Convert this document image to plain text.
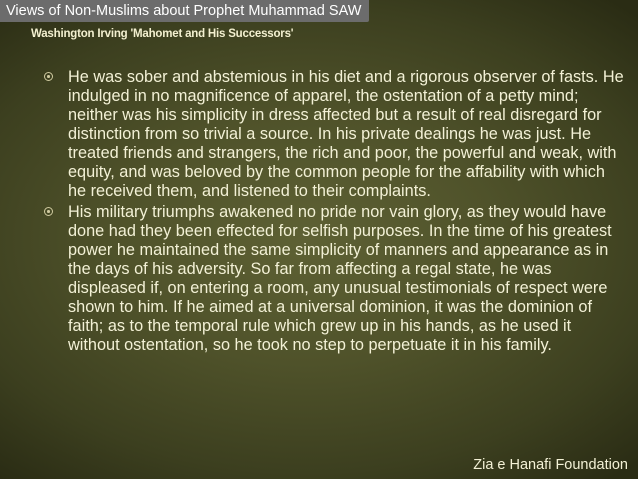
Views of Non-Muslims about Prophet Muhammad SAW
Washington Irving 'Mahomet and His Successors'

He was sober and abstemious in his diet and a rigorous observer of fasts. He indulged in no magnificence of apparel, the ostentation of a petty mind; neither was his simplicity in dress affected but a result of real disregard for distinction from so trivial a source. In his private dealings he was just. He treated friends and strangers, the rich and poor, the powerful and weak, with equity, and was beloved by the common people for the affability with which he received them, and listened to their complaints.

His military triumphs awakened no pride nor vain glory, as they would have done had they been effected for selfish purposes. In the time of his greatest power he maintained the same simplicity of manners and appearance as in the days of his adversity. So far from affecting a regal state, he was displeased if, on entering a room, any unusual testimonials of respect were shown to him. If he aimed at a universal dominion, it was the dominion of faith; as to the temporal rule which grew up in his hands, as he used it without ostentation, so he took no step to perpetuate it in his family.

Zia e Hanafi Foundation
